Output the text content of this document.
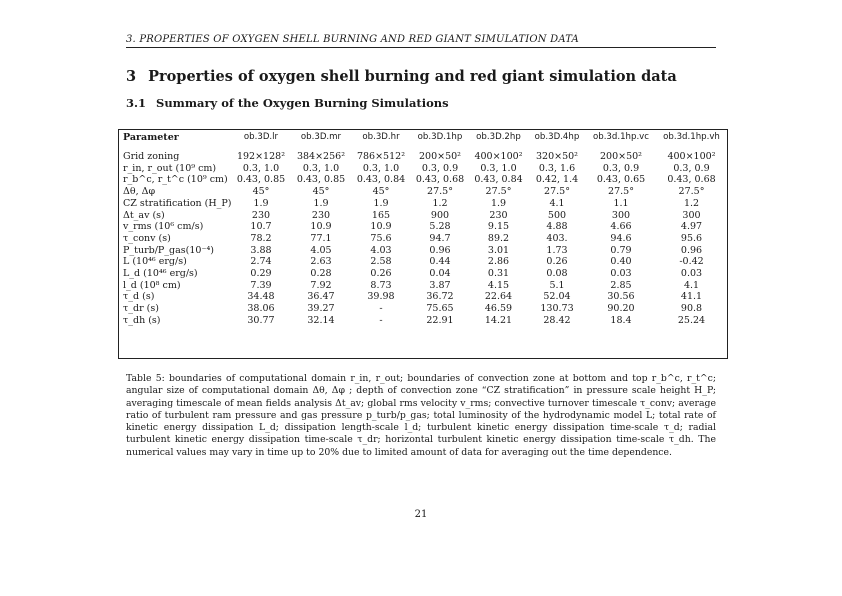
3. PROPERTIES OF OXYGEN SHELL BURNING AND RED GIANT SIMULATION DATA
3 Properties of oxygen shell burning and red giant simulation data
3.1 Summary of the Oxygen Burning Simulations
Parameter	ob.3D.lr	ob.3D.mr	ob.3D.hr	ob.3D.1hp	ob.3D.2hp	ob.3D.4hp	ob.3d.1hp.vc	ob.3d.1hp.vh

Grid zoning	192×128²	384×256²	786×512²	200×50²	400×100²	320×50²	200×50²	400×100²
r_in, r_out (10⁹ cm)	0.3, 1.0	0.3, 1.0	0.3, 1.0	0.3, 0.9	0.3, 1.0	0.3, 1.6	0.3, 0.9	0.3, 0.9
r_b^c, r_t^c (10⁹ cm)	0.43, 0.85	0.43, 0.85	0.43, 0.84	0.43, 0.68	0.43, 0.84	0.42, 1.4	0.43, 0.65	0.43, 0.68
Δθ, Δφ	45°	45°	45°	27.5°	27.5°	27.5°	27.5°	27.5°
CZ stratification (H_P)	1.9	1.9	1.9	1.2	1.9	4.1	1.1	1.2
Δt_av (s)	230	230	165	900	230	500	300	300
v_rms (10⁶ cm/s)	10.7	10.9	10.9	5.28	9.15	4.88	4.66	4.97
τ_conv (s)	78.2	77.1	75.6	94.7	89.2	403.	94.6	95.6
P_turb/P_gas(10⁻⁴)	3.88	4.05	4.03	0.96	3.01	1.73	0.79	0.96
L (10⁴⁶ erg/s)	2.74	2.63	2.58	0.44	2.86	0.26	0.40	-0.42
L_d (10⁴⁶ erg/s)	0.29	0.28	0.26	0.04	0.31	0.08	0.03	0.03
l_d (10⁸ cm)	7.39	7.92	8.73	3.87	4.15	5.1	2.85	4.1
τ_d (s)	34.48	36.47	39.98	36.72	22.64	52.04	30.56	41.1
τ_dr (s)	38.06	39.27	-	75.65	46.59	130.73	90.20	90.8
τ_dh (s)	30.77	32.14	-	22.91	14.21	28.42	18.4	25.24
Table 5: boundaries of computational domain r_in, r_out; boundaries of convection zone at bottom and top r_b^c, r_t^c; angular size of computational domain Δθ, Δφ ; depth of convection zone “CZ stratification” in pressure scale height H_P; averaging timescale of mean fields analysis Δt_av; global rms velocity v_rms; convective turnover timescale τ_conv; average ratio of turbulent ram pressure and gas pressure p_turb/p_gas; total luminosity of the hydrodynamic model L; total rate of kinetic energy dissipation L_d; dissipation length-scale l_d; turbulent kinetic energy dissipation time-scale τ_d; radial turbulent kinetic energy dissipation time-scale τ_dr; horizontal turbulent kinetic energy dissipation time-scale τ_dh. The numerical values may vary in time up to 20% due to limited amount of data for averaging out the time dependence.
21
